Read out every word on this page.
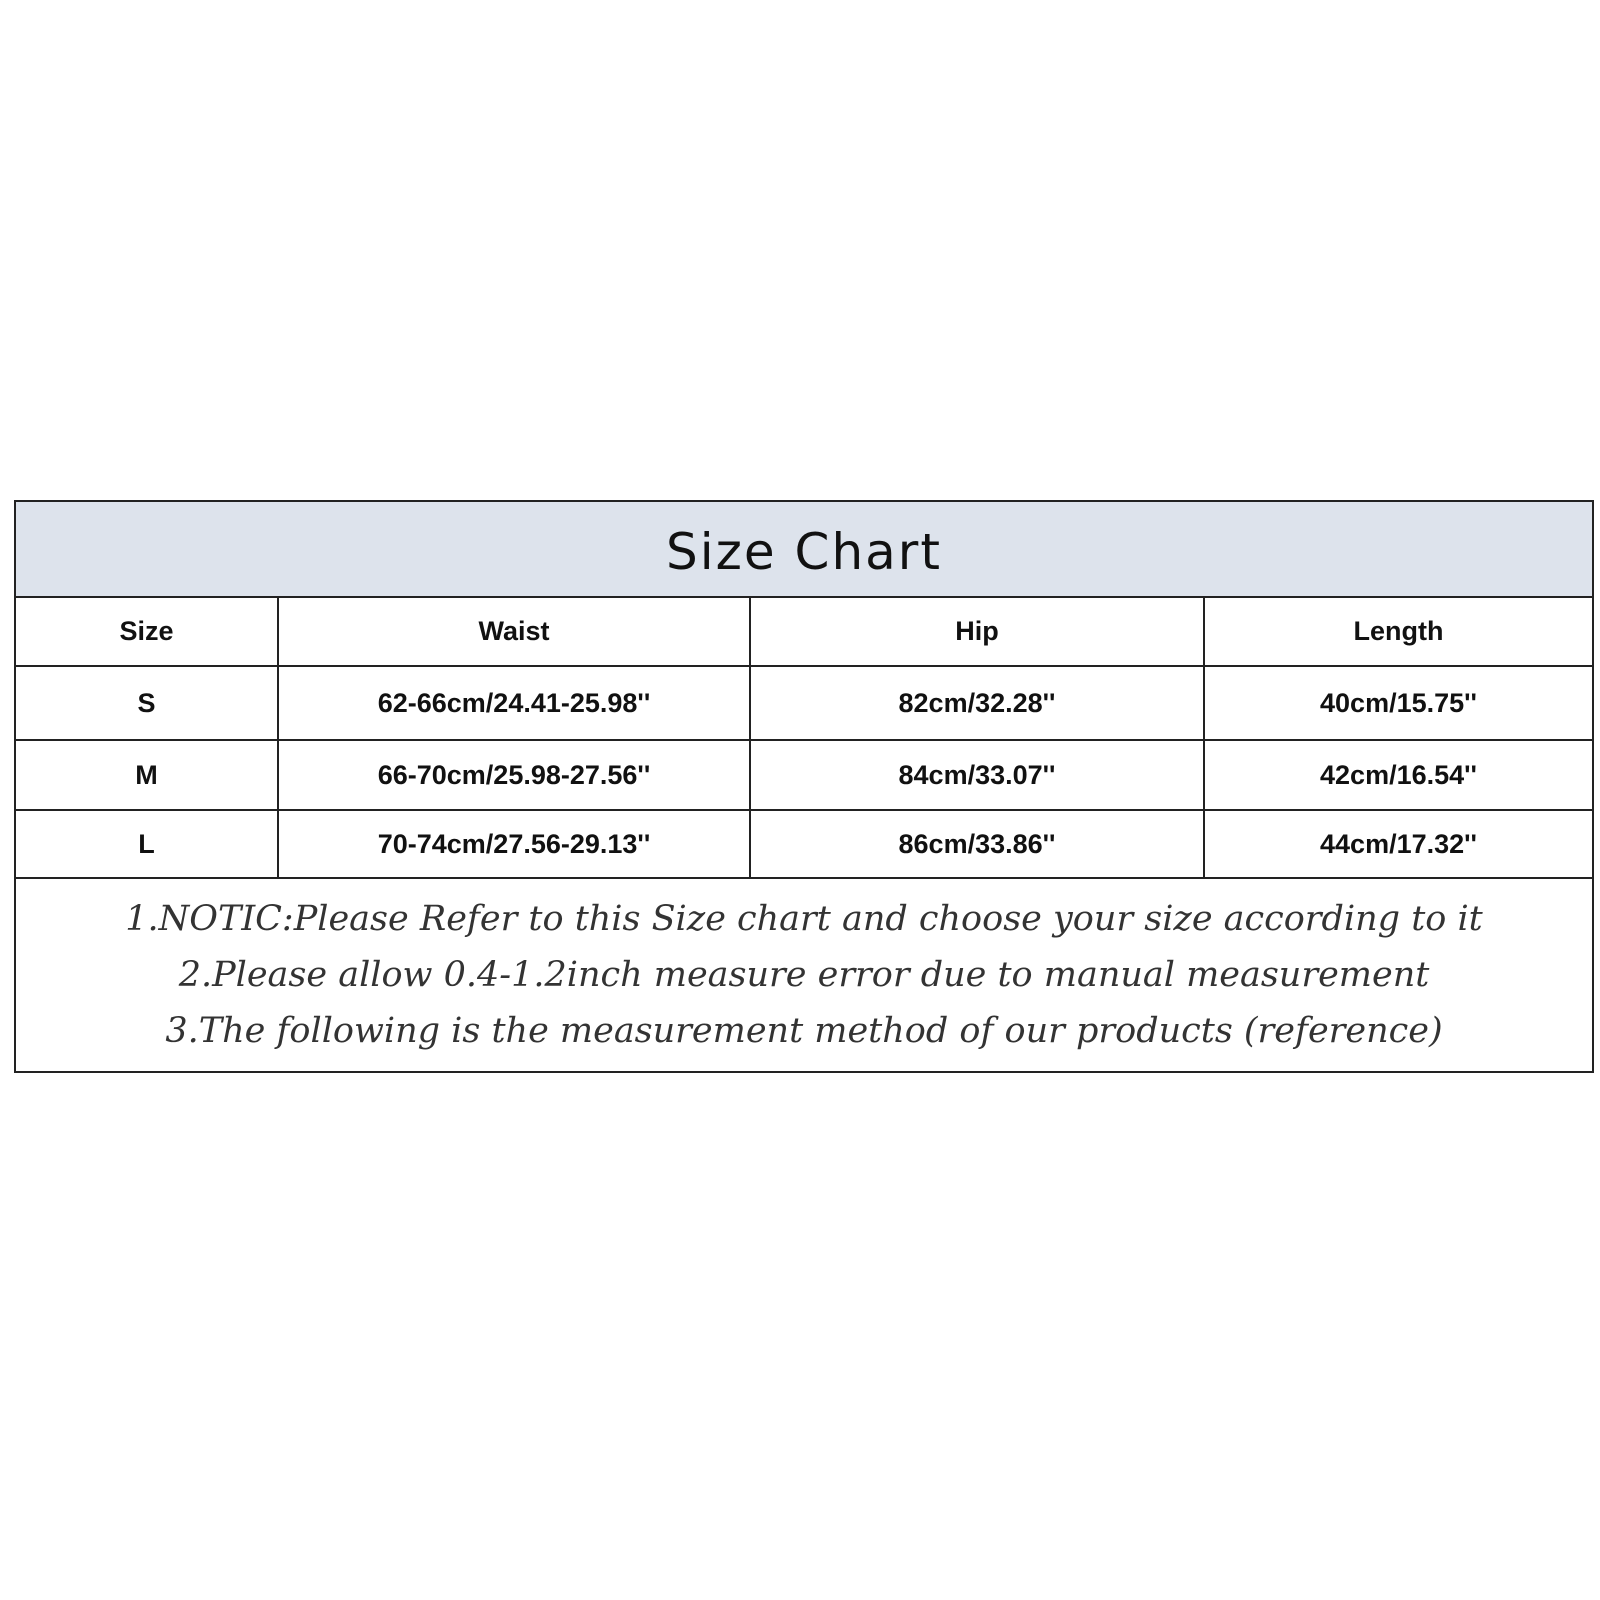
Size Chart
Size	Waist	Hip	Length
S	62-66cm/24.41-25.98''	82cm/32.28''	40cm/15.75''
M	66-70cm/25.98-27.56''	84cm/33.07''	42cm/16.54''
L	70-74cm/27.56-29.13''	86cm/33.86''	44cm/17.32''
1.NOTIC:Please Refer to this Size chart and choose your size according to it
2.Please allow 0.4-1.2inch measure error due to manual measurement
3.The following is the measurement method of our products (reference)
